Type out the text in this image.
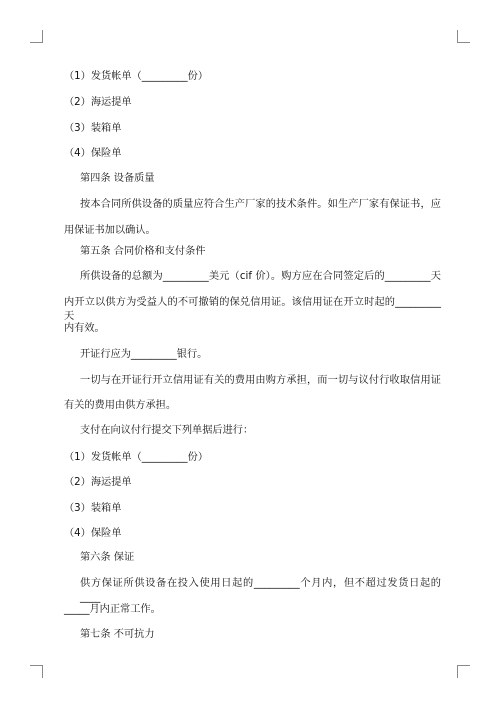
（1）发货帐单（_________份）
（2）海运提单
（3）装箱单
（4）保险单
第四条 设备质量
按本合同所供设备的质量应符合生产厂家的技术条件。如生产厂家有保证书，应
用保证书加以确认。
第五条 合同价格和支付条件
所供设备的总额为_________美元（cif 价）。购方应在合同签定后的_________天
内开立以供方为受益人的不可撤销的保兑信用证。该信用证在开立时起的_________天
内有效。
开证行应为_________银行。
一切与在开证行开立信用证有关的费用由购方承担，而一切与议付行收取信用证
有关的费用由供方承担。
支付在向议付行提交下列单据后进行：
（1）发货帐单（_________份）
（2）海运提单
（3）装箱单
（4）保险单
第六条 保证
供方保证所供设备在投入使用日起的_________个月内，但不超过发货日起的____
_____月内正常工作。
第七条 不可抗力
